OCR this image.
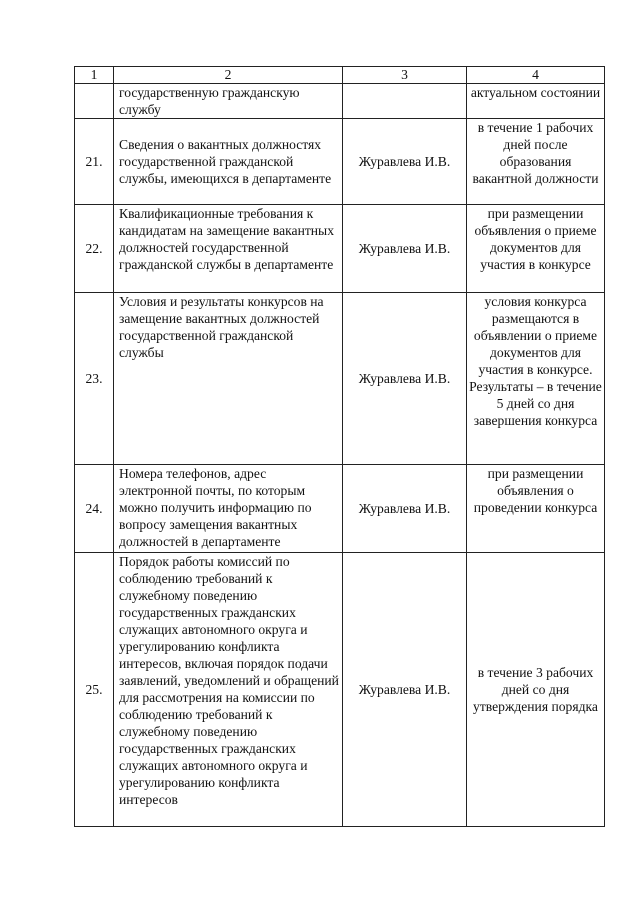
1	2	3	4
	государственную гражданскую службу		актуальном состоянии
21.	Сведения о вакантных должностях государственной гражданской службы, имеющихся в департаменте	Журавлева И.В.	в течение 1 рабочих дней после образования вакантной должности
22.	Квалификационные требования к кандидатам на замещение вакантных должностей государственной гражданской службы в департаменте	Журавлева И.В.	при размещении объявления о приеме документов для участия в конкурсе
23.	Условия и результаты конкурсов на замещение вакантных должностей государственной гражданской службы	Журавлева И.В.	условия конкурса размещаются в объявлении о приеме документов для участия в конкурсе. Результаты – в течение 5 дней со дня завершения конкурса
24.	Номера телефонов, адрес электронной почты, по которым можно получить информацию по вопросу замещения вакантных должностей в департаменте	Журавлева И.В.	при размещении объявления о проведении конкурса
25.	Порядок работы комиссий по соблюдению требований к служебному поведению государственных гражданских служащих автономного округа и урегулированию конфликта интересов, включая порядок подачи заявлений, уведомлений и обращений для рассмотрения на комиссии по соблюдению требований к служебному поведению государственных гражданских служащих автономного округа и урегулированию конфликта интересов	Журавлева И.В.	в течение 3 рабочих дней со дня утверждения порядка
